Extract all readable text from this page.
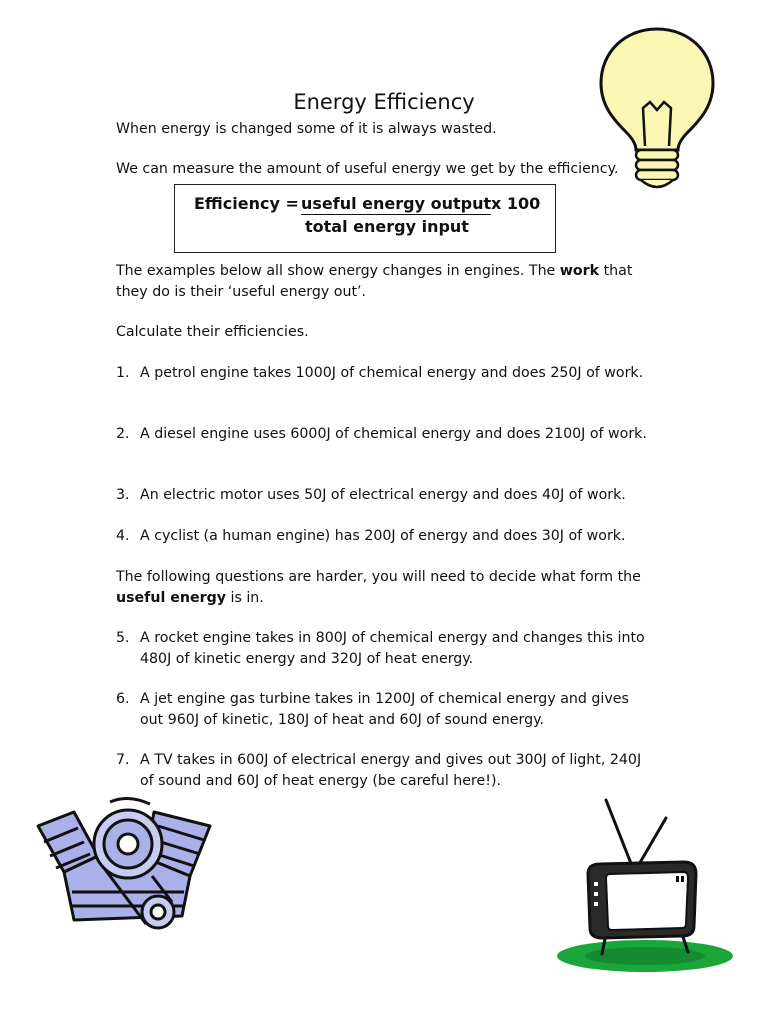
Energy Efficiency
When energy is changed some of it is always wasted.
We can measure the amount of useful energy we get by the efficiency.
Efficiency = useful energy output x 100
total energy input
The examples below all show energy changes in engines. The work that they do is their ‘useful energy out’.
Calculate their efficiencies.
1. A petrol engine takes 1000J of chemical energy and does 250J of work.
2. A diesel engine uses 6000J of chemical energy and does 2100J of work.
3. An electric motor uses 50J of electrical energy and does 40J of work.
4. A cyclist (a human engine) has 200J of energy and does 30J of work.
The following questions are harder, you will need to decide what form the useful energy is in.
5. A rocket engine takes in 800J of chemical energy and changes this into 480J of kinetic energy and 320J of heat energy.
6. A jet engine gas turbine takes in 1200J of chemical energy and gives out 960J of kinetic, 180J of heat and 60J of sound energy.
7. A TV takes in 600J of electrical energy and gives out 300J of light, 240J of sound and 60J of heat energy (be careful here!).
